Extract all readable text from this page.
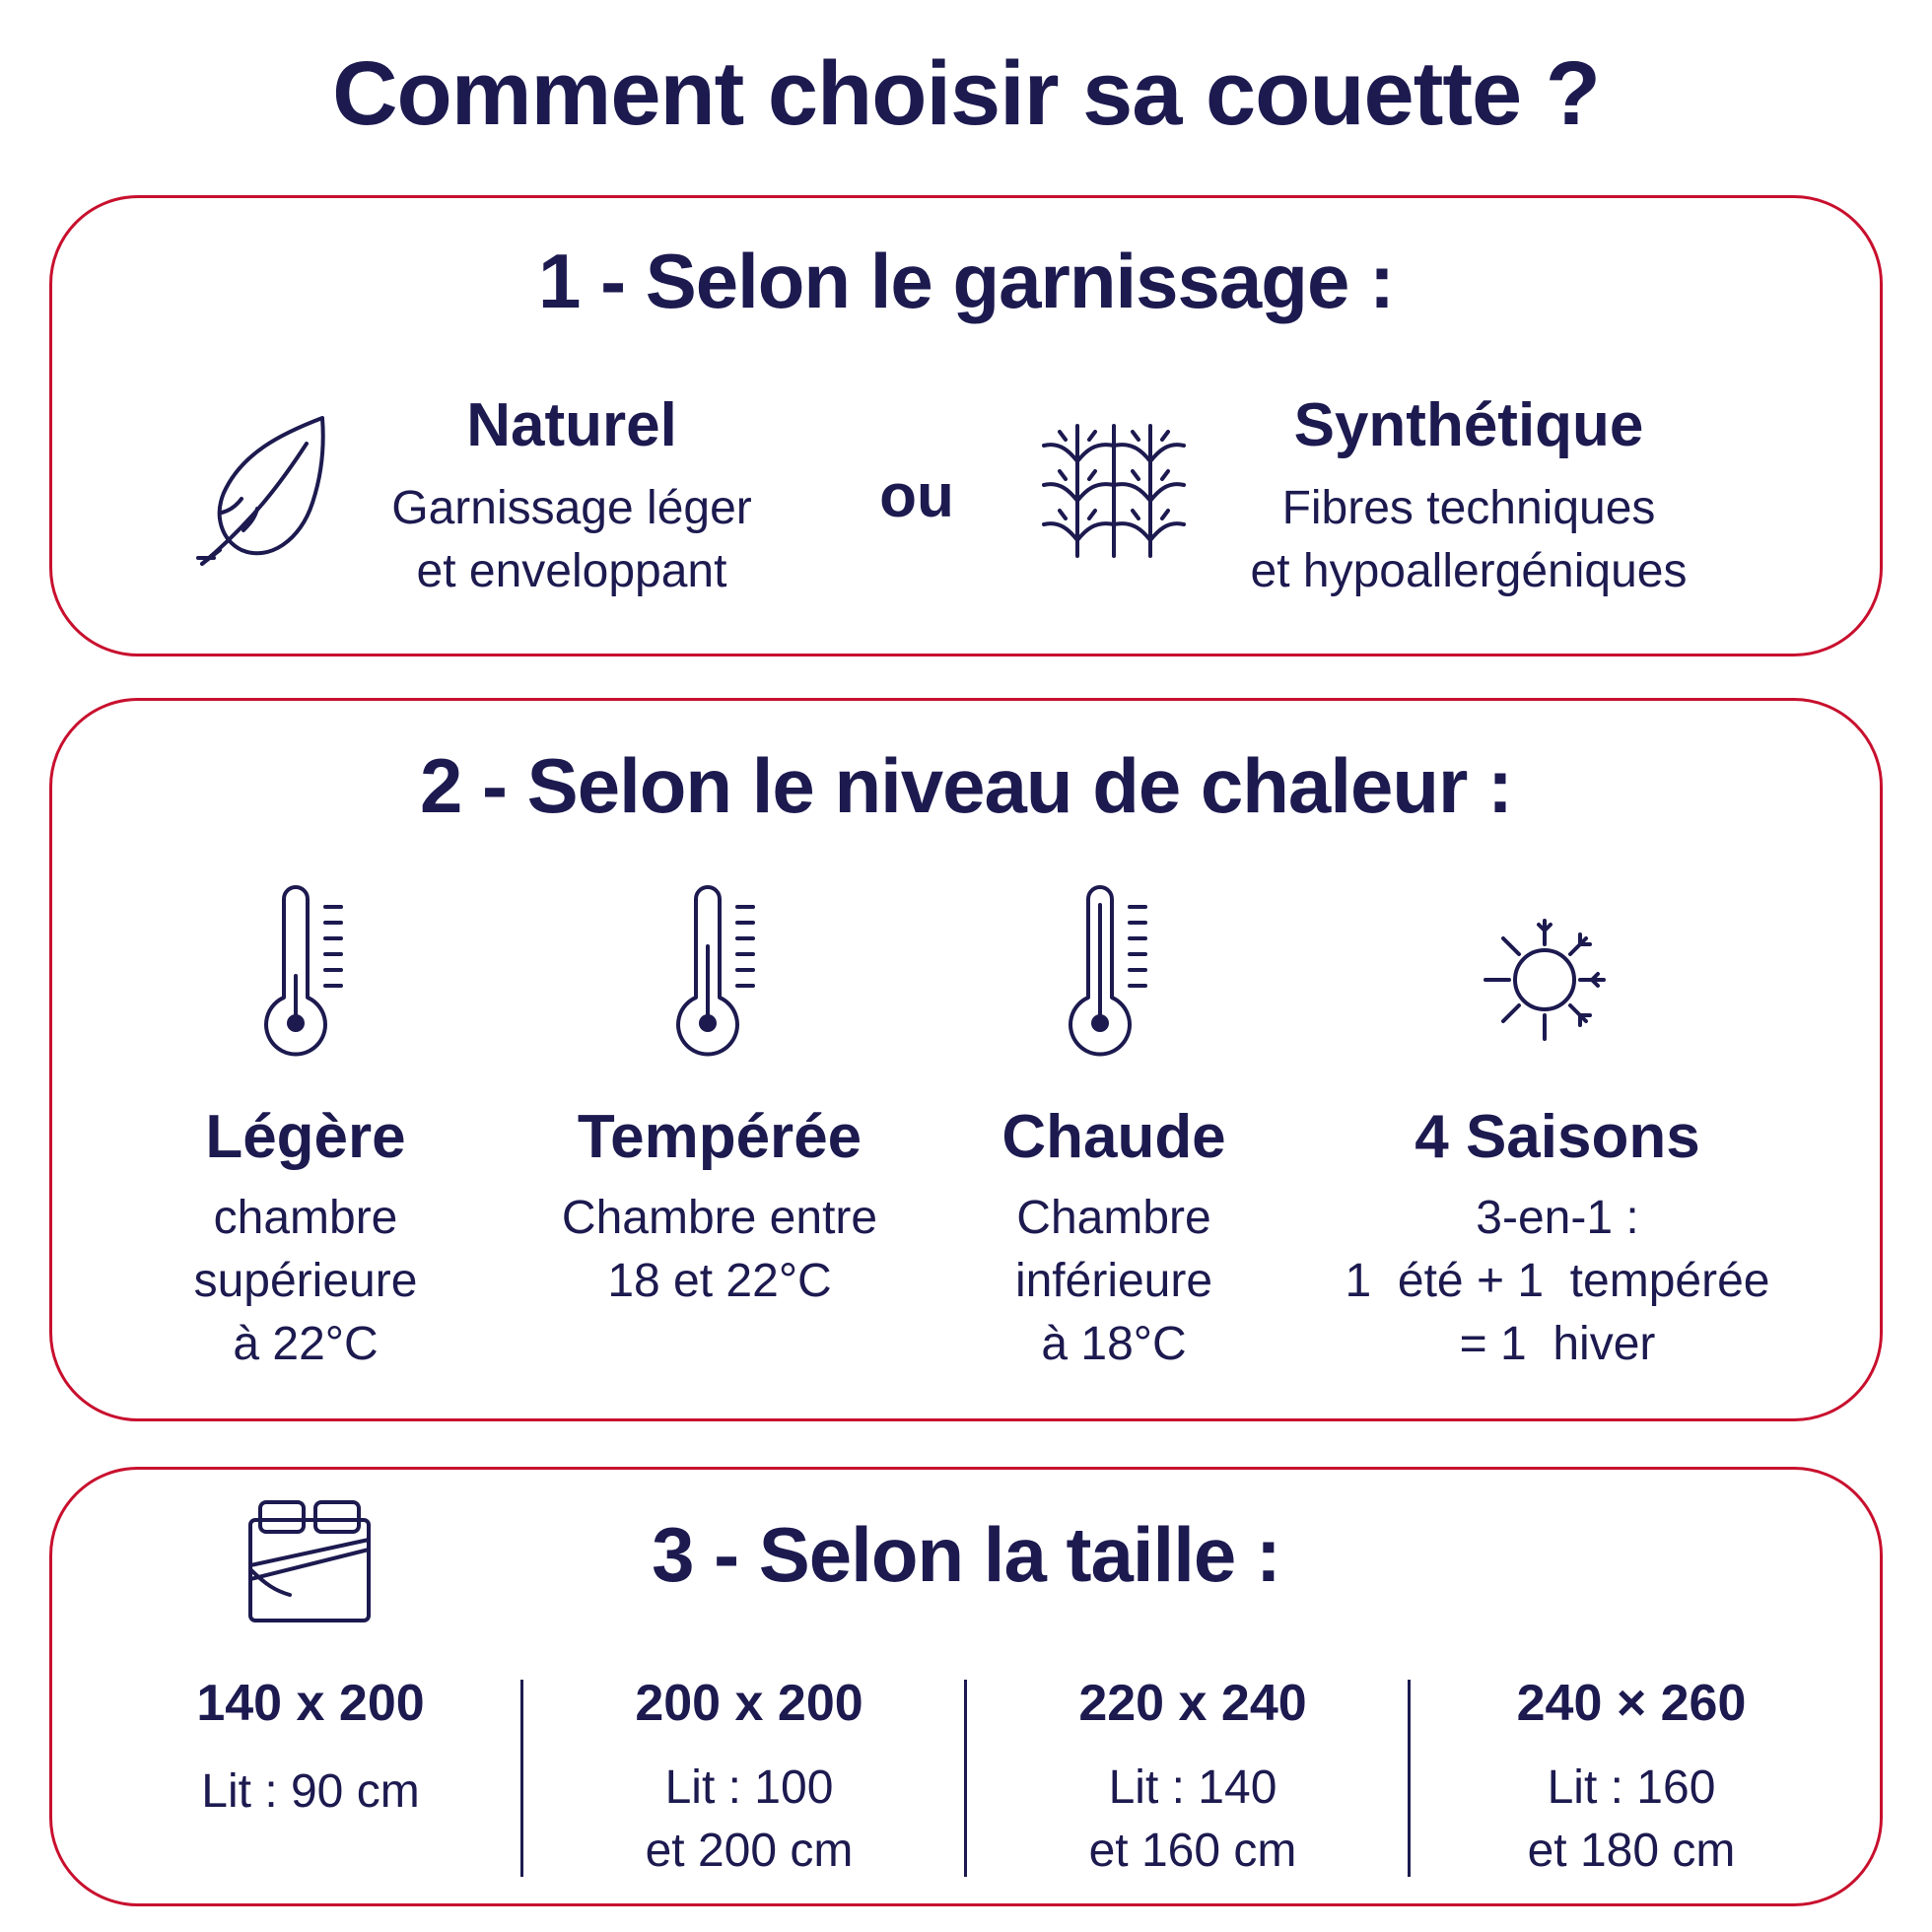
Comment choisir sa couette ?
1 - Selon le garnissage :
Naturel
Garnissage léger
et enveloppant
ou
Synthétique
Fibres techniques
et hypoallergéniques
2 - Selon le niveau de chaleur :
Légère
chambre
supérieure
à 22°C
Tempérée
Chambre entre
18 et 22°C
Chaude
Chambre
inférieure
à 18°C
4 Saisons
3-en-1 :
1  été + 1  tempérée
= 1  hiver
3 - Selon la taille :
140 x 200
Lit : 90 cm
200 x 200
Lit : 100
et 200 cm
220 x 240
Lit : 140
et 160 cm
240 × 260
Lit : 160
et 180 cm
